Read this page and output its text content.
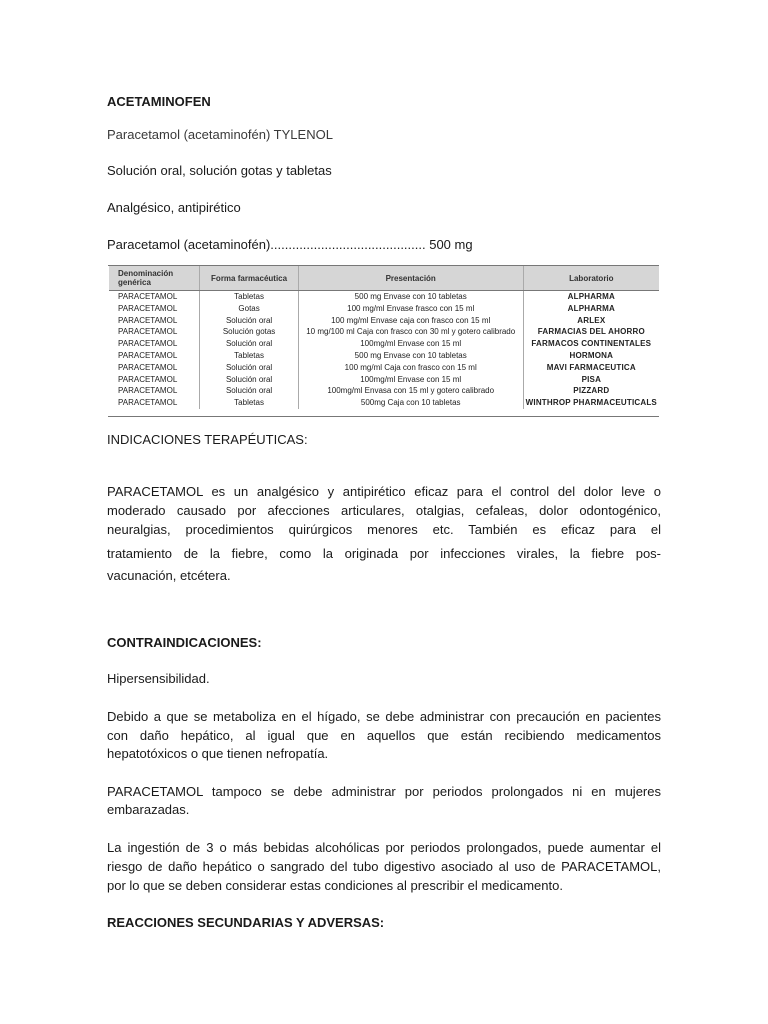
ACETAMINOFEN
Paracetamol (acetaminofén) TYLENOL
Solución oral, solución gotas y tabletas
Analgésico, antipirético
Paracetamol (acetaminofén)........................................... 500 mg
Denominación genérica	Forma farmacéutica	Presentación	Laboratorio
PARACETAMOL	Tabletas	500 mg Envase con 10 tabletas	ALPHARMA
PARACETAMOL	Gotas	100 mg/ml Envase frasco con 15 ml	ALPHARMA
PARACETAMOL	Solución oral	100 mg/ml Envase caja con frasco con 15 ml	ARLEX
PARACETAMOL	Solución gotas	10 mg/100 ml Caja con frasco con 30 ml y gotero calibrado	FARMACIAS DEL AHORRO
PARACETAMOL	Solución oral	100mg/ml Envase con 15 ml	FARMACOS CONTINENTALES
PARACETAMOL	Tabletas	500 mg Envase con 10 tabletas	HORMONA
PARACETAMOL	Solución oral	100 mg/ml Caja con frasco con 15 ml	MAVI FARMACEUTICA
PARACETAMOL	Solución oral	100mg/ml Envase con 15 ml	PISA
PARACETAMOL	Solución oral	100mg/ml Envasa con 15 ml y gotero calibrado	PIZZARD
PARACETAMOL	Tabletas	500mg Caja con 10 tabletas	WINTHROP PHARMACEUTICALS
INDICACIONES TERAPÉUTICAS:
PARACETAMOL es un analgésico y antipirético eficaz para el control del dolor leve o
moderado causado por afecciones articulares, otalgias, cefaleas, dolor odontogénico,
neuralgias, procedimientos quirúrgicos menores etc. También es eficaz para el
tratamiento de la fiebre, como la originada por infecciones virales, la fiebre pos-
vacunación, etcétera.
CONTRAINDICACIONES:
Hipersensibilidad.
Debido a que se metaboliza en el hígado, se debe administrar con precaución en pacientes
con daño hepático, al igual que en aquellos que están recibiendo medicamentos
hepatotóxicos o que tienen nefropatía.
PARACETAMOL tampoco se debe administrar por periodos prolongados ni en mujeres
embarazadas.
La ingestión de 3 o más bebidas alcohólicas por periodos prolongados, puede aumentar el
riesgo de daño hepático o sangrado del tubo digestivo asociado al uso de PARACETAMOL,
por lo que se deben considerar estas condiciones al prescribir el medicamento.
REACCIONES SECUNDARIAS Y ADVERSAS:
